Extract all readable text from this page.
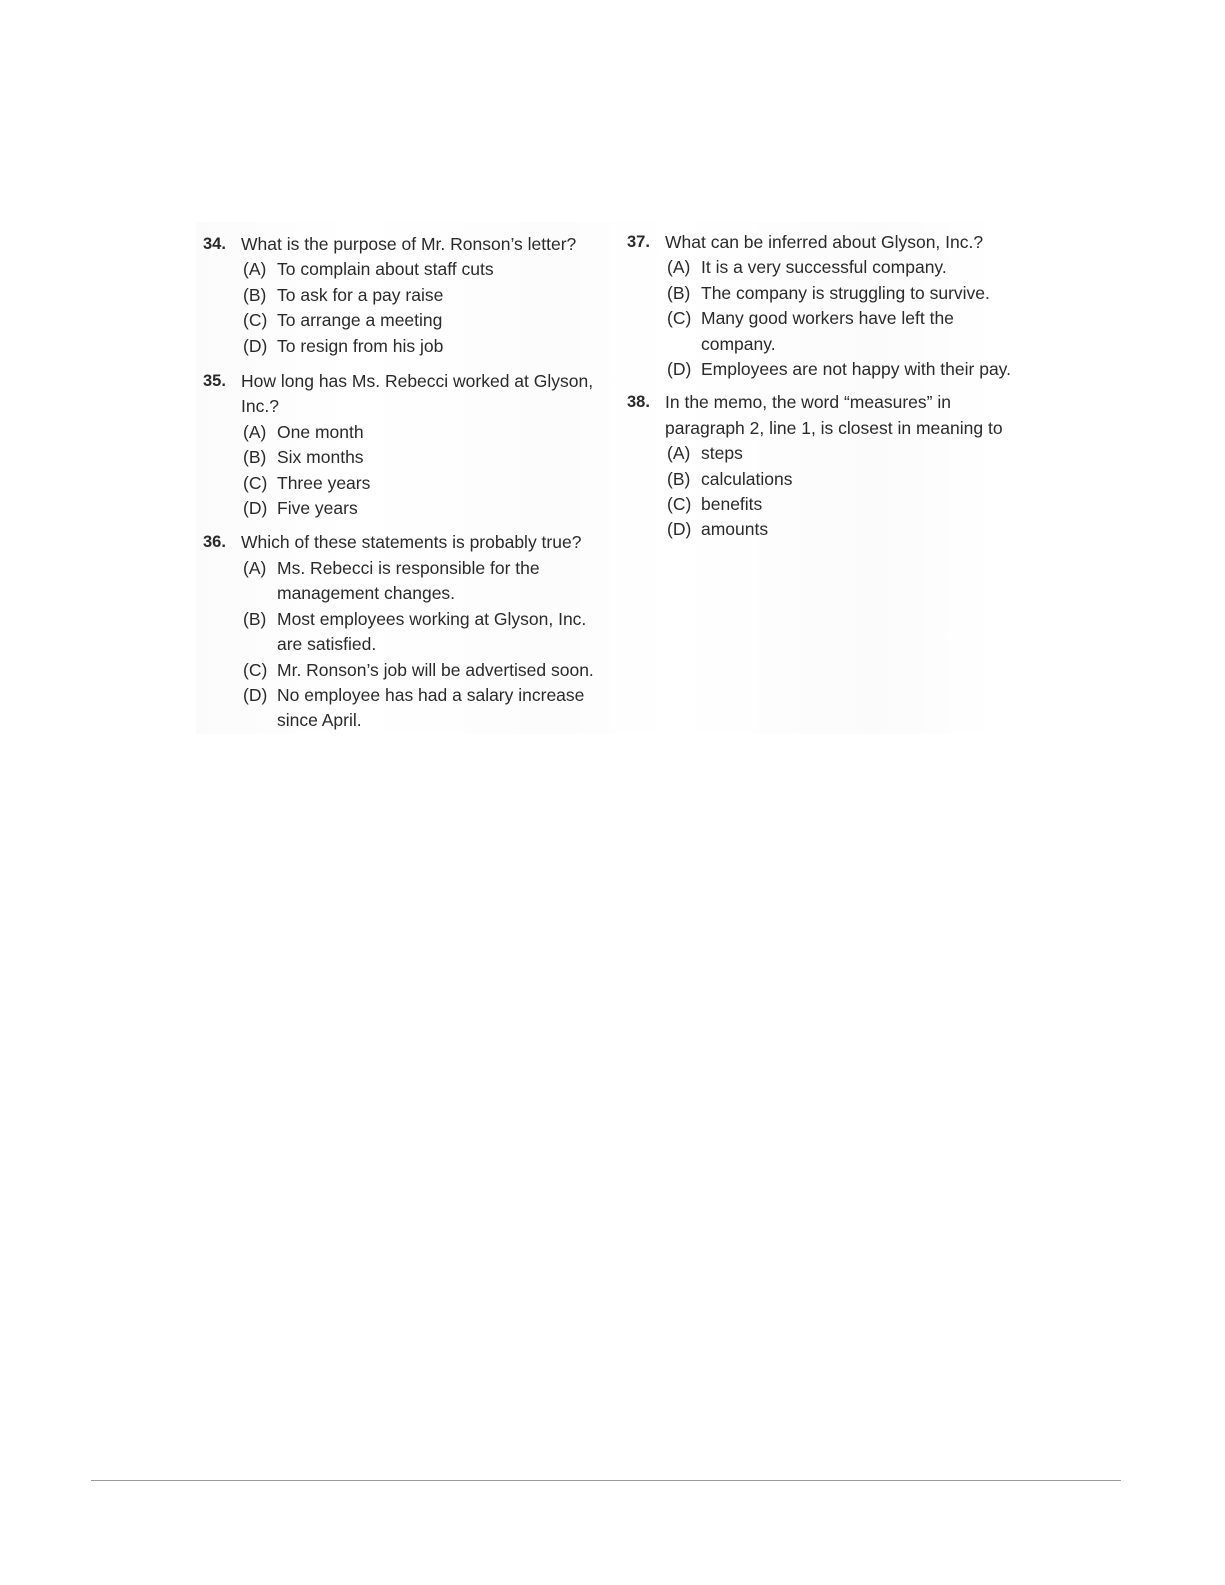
34. What is the purpose of Mr. Ronson’s letter?

(A) To complain about staff cuts
(B) To ask for a pay raise
(C) To arrange a meeting
(D) To resign from his job
35. How long has Ms. Rebecci worked at Glyson, Inc.?

(A) One month
(B) Six months
(C) Three years
(D) Five years
36. Which of these statements is probably true?

(A) Ms. Rebecci is responsible for the management changes.
(B) Most employees working at Glyson, Inc. are satisfied.
(C) Mr. Ronson’s job will be advertised soon.
(D) No employee has had a salary increase since April.
37. What can be inferred about Glyson, Inc.?

(A) It is a very successful company.
(B) The company is struggling to survive.
(C) Many good workers have left the company.
(D) Employees are not happy with their pay.
38. In the memo, the word “measures” in paragraph 2, line 1, is closest in meaning to

(A) steps
(B) calculations
(C) benefits
(D) amounts
